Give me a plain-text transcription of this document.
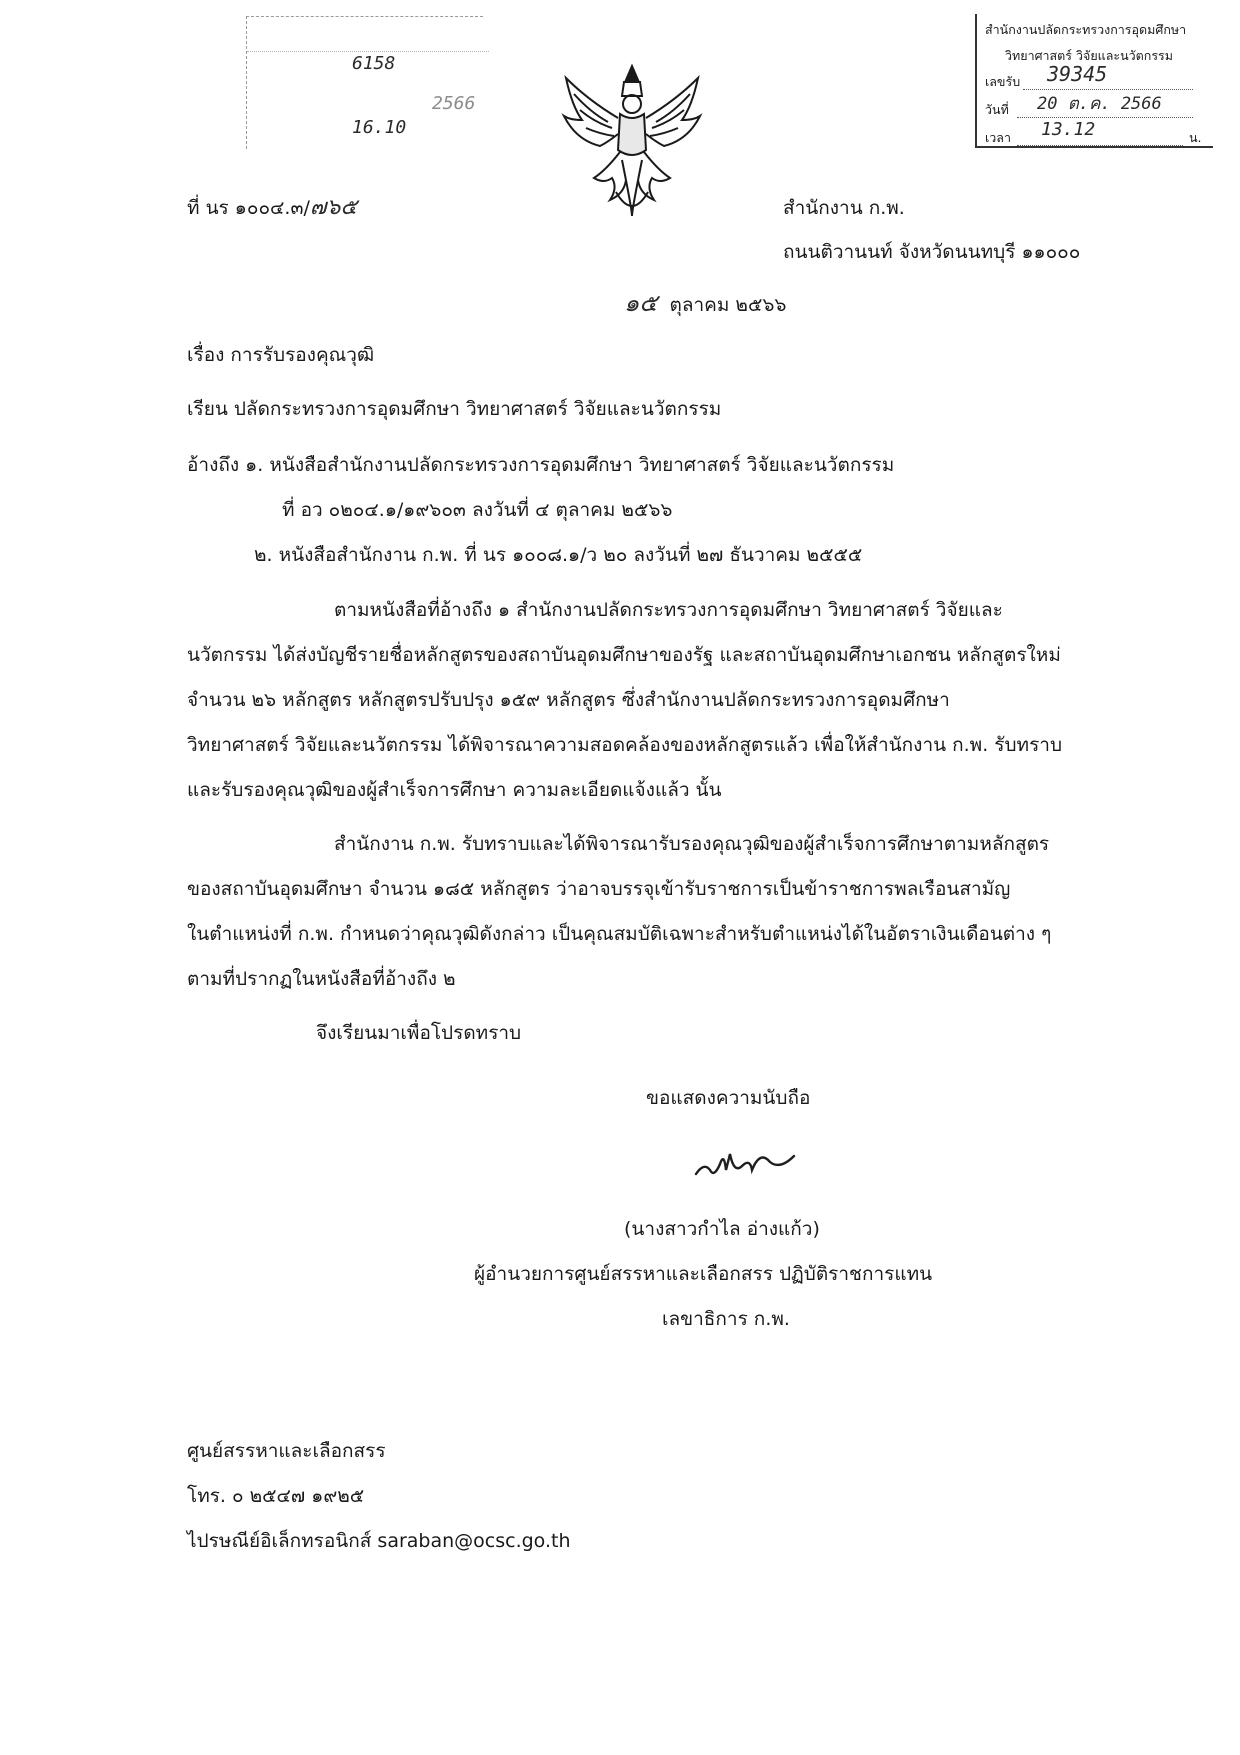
6158
2566
16.10
สำนักงานปลัดกระทรวงการอุดมศึกษา
วิทยาศาสตร์ วิจัยและนวัตกรรม
เลขรับ 39345
วันที่ 20 ต.ค. 2566
เวลา 13.12	น.
ที่ นร ๑๐๐๔.๓/๗๖๕	สำนักงาน ก.พ.
ถนนติวานนท์ จังหวัดนนทบุรี ๑๑๐๐๐
๑๕ ตุลาคม ๒๕๖๖
เรื่อง การรับรองคุณวุฒิ
เรียน ปลัดกระทรวงการอุดมศึกษา วิทยาศาสตร์ วิจัยและนวัตกรรม
อ้างถึง ๑. หนังสือสำนักงานปลัดกระทรวงการอุดมศึกษา วิทยาศาสตร์ วิจัยและนวัตกรรม
ที่ อว ๐๒๐๔.๑/๑๙๖๐๓ ลงวันที่ ๔ ตุลาคม ๒๕๖๖
๒. หนังสือสำนักงาน ก.พ. ที่ นร ๑๐๐๘.๑/ว ๒๐ ลงวันที่ ๒๗ ธันวาคม ๒๕๕๕
ตามหนังสือที่อ้างถึง ๑ สำนักงานปลัดกระทรวงการอุดมศึกษา วิทยาศาสตร์ วิจัยและ
นวัตกรรม ได้ส่งบัญชีรายชื่อหลักสูตรของสถาบันอุดมศึกษาของรัฐ และสถาบันอุดมศึกษาเอกชน หลักสูตรใหม่
จำนวน ๒๖ หลักสูตร หลักสูตรปรับปรุง ๑๕๙ หลักสูตร ซึ่งสำนักงานปลัดกระทรวงการอุดมศึกษา
วิทยาศาสตร์ วิจัยและนวัตกรรม ได้พิจารณาความสอดคล้องของหลักสูตรแล้ว เพื่อให้สำนักงาน ก.พ. รับทราบ
และรับรองคุณวุฒิของผู้สำเร็จการศึกษา ความละเอียดแจ้งแล้ว นั้น
สำนักงาน ก.พ. รับทราบและได้พิจารณารับรองคุณวุฒิของผู้สำเร็จการศึกษาตามหลักสูตร
ของสถาบันอุดมศึกษา จำนวน ๑๘๕ หลักสูตร ว่าอาจบรรจุเข้ารับราชการเป็นข้าราชการพลเรือนสามัญ
ในตำแหน่งที่ ก.พ. กำหนดว่าคุณวุฒิดังกล่าว เป็นคุณสมบัติเฉพาะสำหรับตำแหน่งได้ในอัตราเงินเดือนต่าง ๆ
ตามที่ปรากฏในหนังสือที่อ้างถึง ๒
จึงเรียนมาเพื่อโปรดทราบ
ขอแสดงความนับถือ
(นางสาวกำไล อ่างแก้ว)
ผู้อำนวยการศูนย์สรรหาและเลือกสรร ปฏิบัติราชการแทน
เลขาธิการ ก.พ.
ศูนย์สรรหาและเลือกสรร
โทร. ๐ ๒๕๔๗ ๑๙๒๕
ไปรษณีย์อิเล็กทรอนิกส์ saraban@ocsc.go.th
